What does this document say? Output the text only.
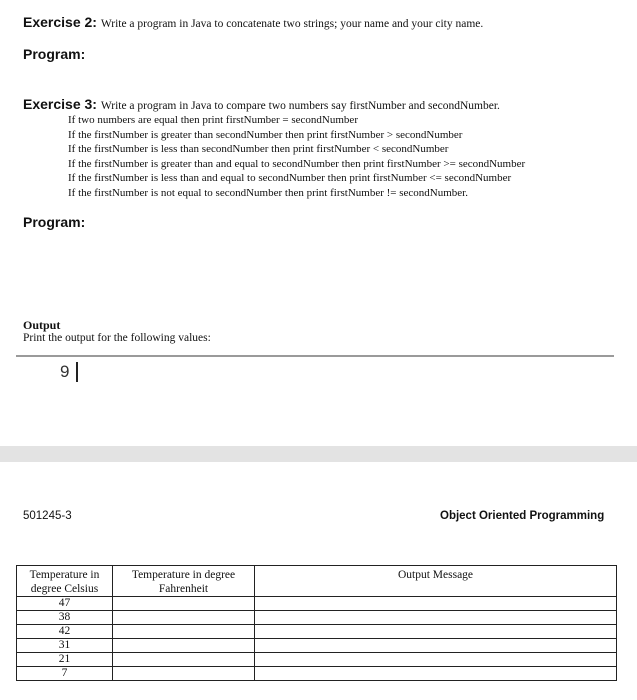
Exercise 2: Write a program in Java to concatenate two strings; your name and your city name.
Program:
Exercise 3: Write a program in Java to compare two numbers say firstNumber and secondNumber.
If two numbers are equal then print firstNumber = secondNumber
If the firstNumber is greater than secondNumber then print firstNumber > secondNumber
If the firstNumber is less than secondNumber then print firstNumber < secondNumber
If the firstNumber is greater than and equal to secondNumber then print firstNumber >= secondNumber
If the firstNumber is less than and equal to secondNumber then print firstNumber <= secondNumber
If the firstNumber is not equal to secondNumber then print firstNumber != secondNumber.
Program:
Output
Print the output for the following values:
9
501245-3	Object Oriented Programming
Temperature in degree Celsius	Temperature in degree Fahrenheit	Output Message
47		
38		
42		
31		
21		
7		
